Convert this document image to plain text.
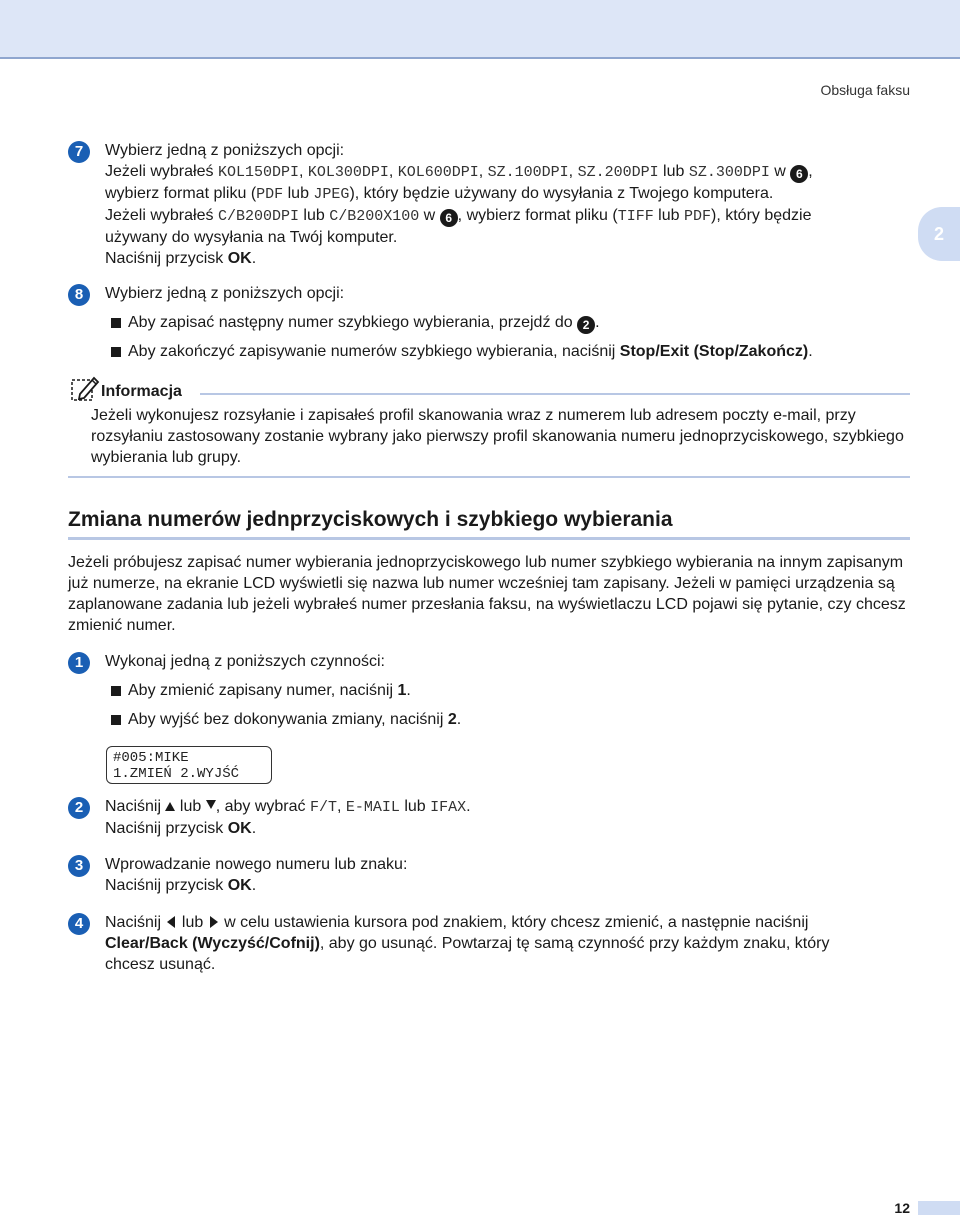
Obsługa faksu
2
7	Wybierz jedną z poniższych opcji:
Jeżeli wybrałeś KOL150DPI, KOL300DPI, KOL600DPI, SZ.100DPI, SZ.200DPI lub SZ.300DPI w 6 ,
wybierz format pliku (PDF lub JPEG), który będzie używany do wysyłania z Twojego komputera.
Jeżeli wybrałeś C/B200DPI lub C/B200X100 w 6 , wybierz format pliku (TIFF lub PDF), który będzie
używany do wysyłania na Twój komputer.
Naciśnij przycisk OK.
8	Wybierz jedną z poniższych opcji:
Aby zapisać następny numer szybkiego wybierania, przejdź do 2 .
Aby zakończyć zapisywanie numerów szybkiego wybierania, naciśnij Stop/Exit (Stop/Zakończ).
Informacja
Jeżeli wykonujesz rozsyłanie i zapisałeś profil skanowania wraz z numerem lub adresem poczty e-mail, przy rozsyłaniu zastosowany zostanie wybrany jako pierwszy profil skanowania numeru jednoprzyciskowego, szybkiego wybierania lub grupy.
Zmiana numerów jednprzyciskowych i szybkiego wybierania
Jeżeli próbujesz zapisać numer wybierania jednoprzyciskowego lub numer szybkiego wybierania na innym zapisanym już numerze, na ekranie LCD wyświetli się nazwa lub numer wcześniej tam zapisany. Jeżeli w pamięci urządzenia są zaplanowane zadania lub jeżeli wybrałeś numer przesłania faksu, na wyświetlaczu LCD pojawi się pytanie, czy chcesz zmienić numer.
1	Wykonaj jedną z poniższych czynności:
Aby zmienić zapisany numer, naciśnij 1.
Aby wyjść bez dokonywania zmiany, naciśnij 2.
#005:MIKE
1.ZMIEŃ 2.WYJŚĆ
2	Naciśnij  lub , aby wybrać F/T, E-MAIL lub IFAX.
Naciśnij przycisk OK.
3	Wprowadzanie nowego numeru lub znaku:
Naciśnij przycisk OK.
4	Naciśnij  lub  w celu ustawienia kursora pod znakiem, który chcesz zmienić, a następnie naciśnij
Clear/Back (Wyczyść/Cofnij), aby go usunąć. Powtarzaj tę samą czynność przy każdym znaku, który
chcesz usunąć.
12
